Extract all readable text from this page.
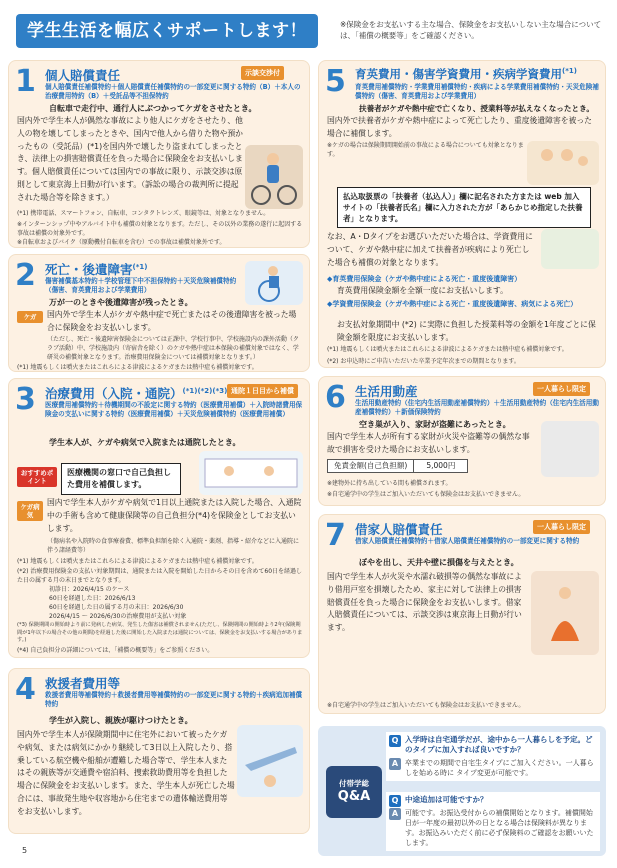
学生生活を幅広くサポートします！	※保険金をお支払いする主な場合、保険金をお支払いしない主な場合については、「補償の概要等」をご確認ください。
1 個人賠償責任	示談交渉付
個人賠償責任補償特約＋個人賠償責任補償特約の一部変更に関する特約（B）＋本人の治療費用特約（B）＋受託品等不担保特約
自転車で走行中、通行人にぶつかってケガをさせたとき。
国内外で学生本人が偶然な事故により他人にケガをさせたり、他人の物を壊してしまったときや、国内で他人から借りた物や預かったもの（受託品）(*1)を国内外で壊したり盗まれてしまったとき、法律上の損害賠償責任を負った場合に保険金をお支払いします。個人賠償責任については国内での事故に限り、示談交渉は原則として東京海上日動が行います。（訴訟の場合の裁判所に提起された場合等を除きます。）
(*1) 携帯電話、スマートフォン、自転車、コンタクトレンズ、眼鏡等は、対象となりません。
※インターンシップ中やアルバイト中も補償の対象となります。ただし、その以外の業務の遂行に起因する事故は補償の対象外です。
※自転車およびバイク（原動機付自転車を含む）での事故は補償対象外です。
2 死亡・後遺障害$^{(*1)}$
傷害補償基本特約＋学校管理下中不担保特約＋天災危険補償特約（傷害、育英費用および学業費用）
万が一のときや後遺障害が残ったとき。
ケガ	国内外で学生本人がケガや熱中症で死亡またはその後遺障害を被った場合に保険金をお支払いします。
（ただし、死亡・後遺障害保険金については正課中、学校行事中、学校施設内の課外活動（クラブ活動）中、学校施設内（寄宿舎を除く）のケガや熱中症は本保険の補償対象ではなく、学研災の補償対象となります。治療費用保険金については補償対象となります。）
(*1) 地震もしくは噴火またはこれらによる津波によるケガまたは熱中症も補償対象です。
3 治療費用（入院・通院）$^{(*1)(*2)(*3)}$ 通院１日目から補償
医療費用補償特約＋待機期間の不設定に関する特約（医療費用補償）＋入院時諸費用保険金の支払いに関する特約（医療費用補償）＋天災危険補償特約（医療費用補償）
学生本人が、ケガや病気で入院または通院したとき。
おすすめポイント
医療機関の窓口で自己負担した費用を補償します。
ケガ病気
国内で学生本人がケガや病気で1日以上通院または入院した場合、入通院中の手術も含めて健康保険等の自己負担分(*4)を保険金としてお支払いします。
（傷病名や入院時の食事療養費、標準負担額を除く入通院・薬剤、指導・紹介などに入通院に伴う諸経費等）
(*1) 地震もしくは噴火またはこれらによる津波によるケガまたは熱中症も補償対象です。
(*2) 治療費用保険金の支払い対象期間は、通院または入院を開始した日からその日を含めて60日を経過した日の属する月の末日までとなります。
初診日：2026/4/15 のケース
60日を経過した日：2026/6/13
60日を経過した日の属する月の末日：2026/6/30
2026/4/15 ～ 2026/6/30の治療費用が支払い対象
(*3) 保険期間の開始時より前に発病した病気、発生した傷害は補償されません(ただし、保険期間の開始時より2年(保険期間が1年以下の場合その他の期間)を経過した後に開始した入院または通院については、保険金をお支払いする場合があります。)
(*4) 自己負担分の詳細については、「補償の概要等」をご参照ください。
4 救援者費用等
救援者費用等補償特約＋救援者費用等補償特約の一部変更に関する特約＋疾病追加補償特約
学生が入院し、親族が駆けつけたとき。
国内外で学生本人が保険期間中に住宅外において被ったケガや病気、または病気にかかり継続して3日以上入院したり、搭乗している航空機や船舶が遭難した場合等で、学生本人またはその親族等が交通費や宿泊料、捜索救助費用等を負担した場合に保険金をお支払いします。また、学生本人が死亡した場合には、事故発生地や収容地から住宅までの遺体輸送費用等をお支払いします。
5 育英費用・傷害学資費用・疾病学資費用$^{(*1)}$
育英費用補償特約・学業費用補償特約・疾病による学業費用補償特約・天災危険補償特約（傷害、育英費用および学業費用）
扶養者がケガや熱中症で亡くなり、授業料等が払えなくなったとき。
国内外で扶養者がケガや熱中症によって死亡したり、重度後遺障害を被った場合に補償します。
※ケガの場合は保険期間開始前の事故による場合についても対象となります。
払込取扱票の「扶養者（払込人）」欄に記名された方または web 加入サイトの「扶養者氏名」欄に入力された方が「あらかじめ指定した扶養者」となります。
なお、A・Dタイプをお選びいただいた場合は、学資費用について、ケガや熱中症に加えて扶養者が疾病により死亡した場合も補償の対象となります。
◆育英費用保険金（ケガや熱中症による死亡・重度後遺障害）
育英費用保険金額を全額一度にお支払いします。
◆学資費用保険金（ケガや熱中症による死亡・重度後遺障害、病気による死亡）
お支払対象期間中 (*2) に実際に負担した授業料等の金額を1年度ごとに保険金額を限度にお支払いします。
(*1) 地震もしくは噴火またはこれらによる津波によるケガまたは熱中症も補償対象です。
(*2) お申込時にご申告いただいた卒業予定年次までの期間となります。
6 生活用動産	一人暮らし限定
生活用動産特約（住宅内生活用動産補償特約）＋生活用動産特約（住宅内生活用動産補償特約）＋新価保険特約
空き巣が入り、家財が盗難にあったとき。
国内で学生本人が所有する家財が火災や盗難等の偶然な事故で損害を受けた場合にお支払いします。
免責金額(自己負担額)	5,000円
※建物外に持ち出している間も補償されます。
※自宅通学中の学生はご加入いただいても保険金はお支払いできません。
7 借家人賠償責任	一人暮らし限定
借家人賠償責任補償特約＋借家人賠償責任補償特約の一部変更に関する特約
ぼやを出し、天井や壁に損傷を与えたとき。
国内で学生本人が火災や水濡れ破損等の偶然な事故により借用戸室を損壊したため、家主に対して法律上の損害賠償責任を負った場合に保険金をお支払いします。借家人賠償責任については、示談交渉は東京海上日動が行います。
※自宅通学中の学生はご加入いただいても保険金はお支払いできません。
付帯学総
Q&A
Q 入学時は自宅通学だが、途中から一人暮らしを予定。どのタイプに加入すれば良いですか？
A 卒業までの期間で自宅生タイプにご加入ください。一人暮らしを始める時に タイプ変更が可能です。
Q 中途追加は可能ですか？
A 可能です。お振込受付からの補償開始となります。補償開始日が一年度の最初以外の日となる場合は保険料が異なります。お振込みいただく前に必ず保険料のご確認をお願いいたします。
5
